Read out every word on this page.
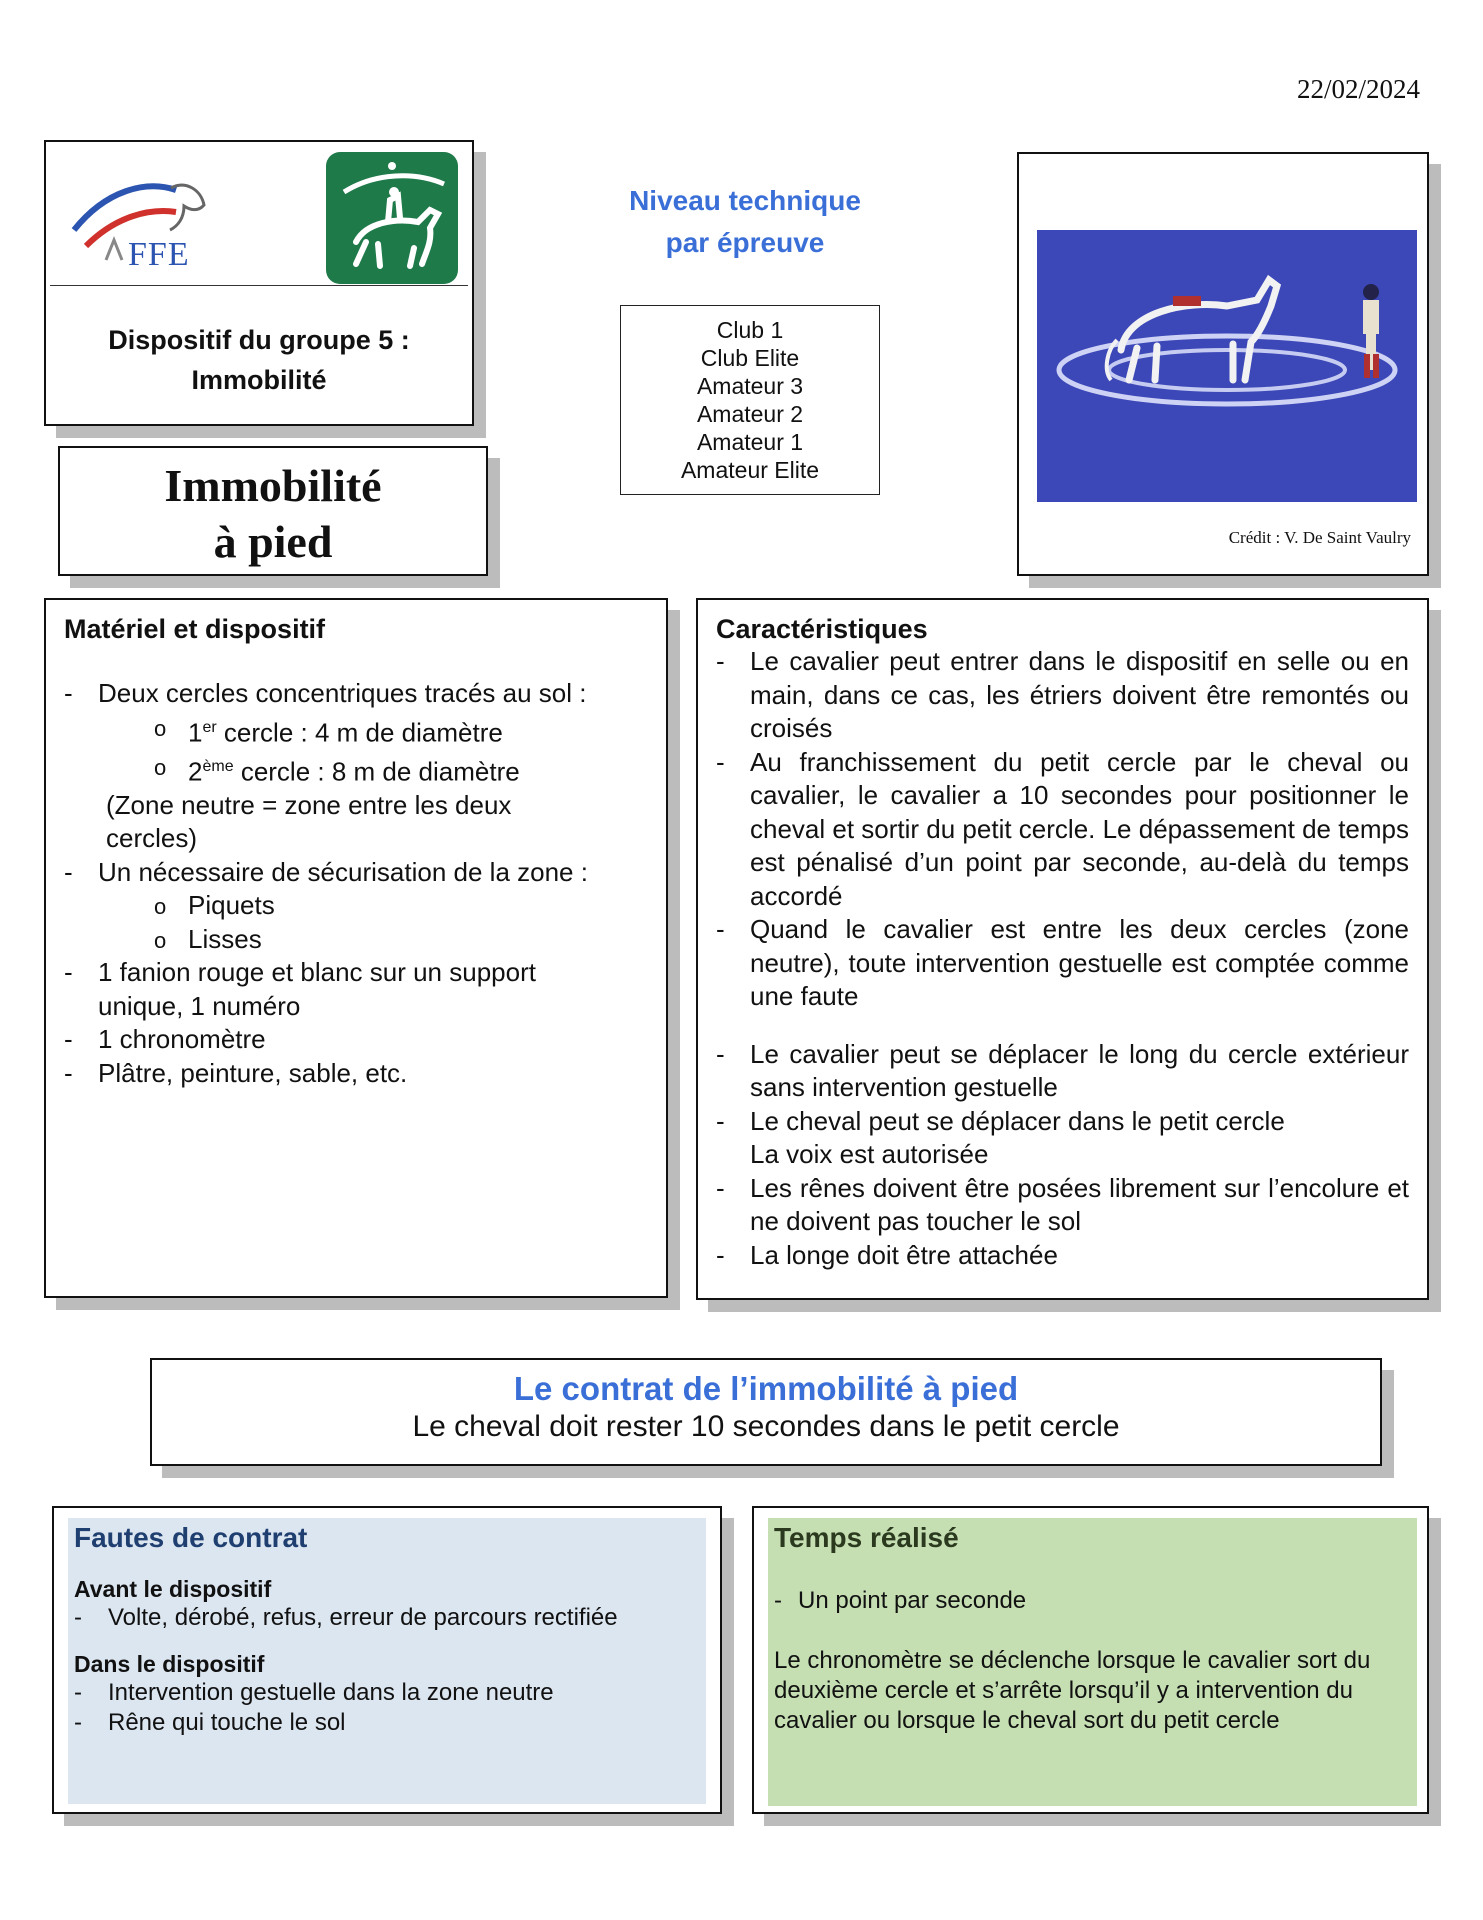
22/02/2024
FFE
Dispositif du groupe 5 :
Immobilité
Immobilité
à pied
Niveau technique
par épreuve
Club 1
Club Elite
Amateur 3
Amateur 2
Amateur 1
Amateur Elite
Crédit : V. De Saint Vaulry
Matériel et dispositif
- Deux cercles concentriques tracés au sol :
o 1er cercle : 4 m de diamètre
o 2ème cercle : 8 m de diamètre
(Zone neutre = zone entre les deux cercles)
- Un nécessaire de sécurisation de la zone :
o Piquets
o Lisses
- 1 fanion rouge et blanc sur un support unique, 1 numéro
- 1 chronomètre
- Plâtre, peinture, sable, etc.
Caractéristiques
- Le cavalier peut entrer dans le dispositif en selle ou en main, dans ce cas, les étriers doivent être remontés ou croisés
- Au franchissement du petit cercle par le cheval ou cavalier, le cavalier a 10 secondes pour positionner le cheval et sortir du petit cercle. Le dépassement de temps est pénalisé d’un point par seconde, au-delà du temps accordé
- Quand le cavalier est entre les deux cercles (zone neutre), toute intervention gestuelle est comptée comme une faute
- Le cavalier peut se déplacer le long du cercle extérieur sans intervention gestuelle
- Le cheval peut se déplacer dans le petit cercle
La voix est autorisée
- Les rênes doivent être posées librement sur l’encolure et ne doivent pas toucher le sol
- La longe doit être attachée
Le contrat de l’immobilité à pied
Le cheval doit rester 10 secondes dans le petit cercle
Fautes de contrat
Avant le dispositif
- Volte, dérobé, refus, erreur de parcours rectifiée
Dans le dispositif
- Intervention gestuelle dans la zone neutre
- Rêne qui touche le sol
Temps réalisé
- Un point par seconde
Le chronomètre se déclenche lorsque le cavalier sort du deuxième cercle et s’arrête lorsqu’il y a intervention du cavalier ou lorsque le cheval sort du petit cercle
